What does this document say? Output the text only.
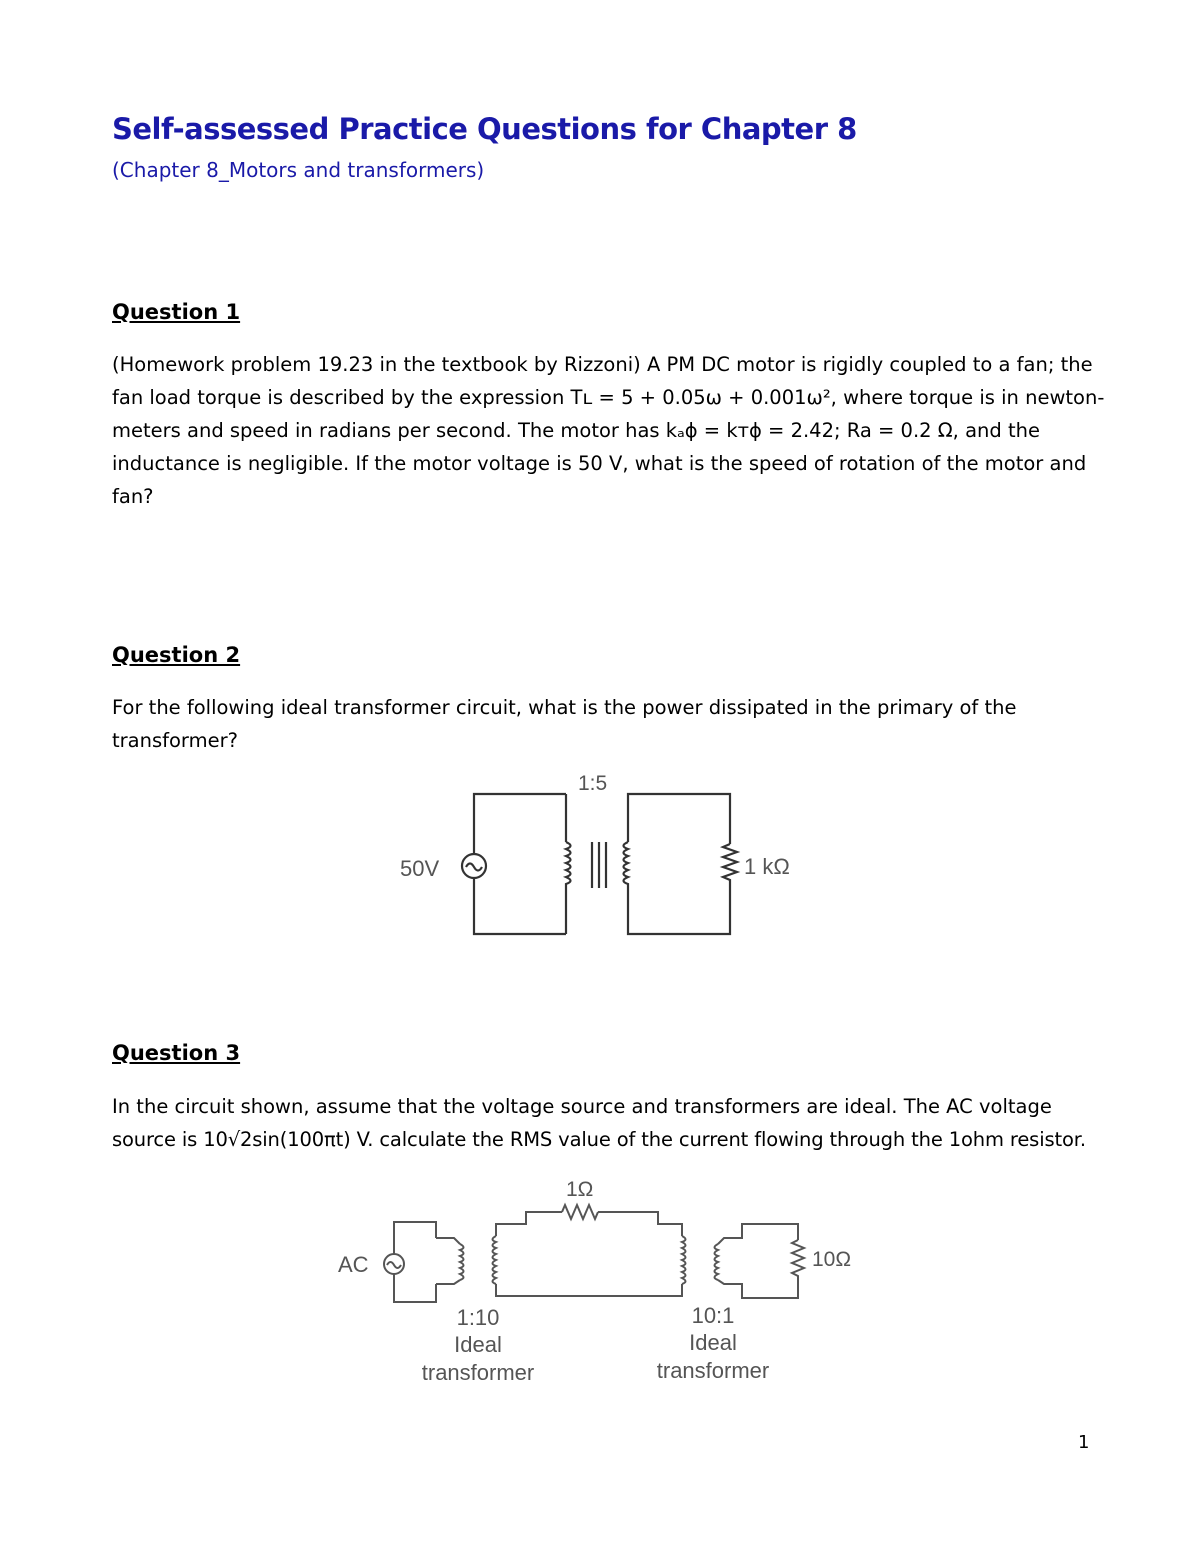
Self-assessed Practice Questions for Chapter 8
(Chapter 8_Motors and transformers)
Question 1
(Homework problem 19.23 in the textbook by Rizzoni) A PM DC motor is rigidly coupled to a fan; the
fan load torque is described by the expression Tʟ = 5 + 0.05ω + 0.001ω², where torque is in newton-
meters and speed in radians per second. The motor has kₐϕ = kᴛϕ = 2.42; Ra = 0.2 Ω, and the
inductance is negligible. If the motor voltage is 50 V, what is the speed of rotation of the motor and
fan?
Question 2
For the following ideal transformer circuit, what is the power dissipated in the primary of the
transformer?
1:5
50V	1 kΩ
Question 3
In the circuit shown, assume that the voltage source and transformers are ideal. The AC voltage
source is 10√2sin(100πt) V. calculate the RMS value of the current flowing through the 1ohm resistor.
1Ω
AC	10Ω
1:10
Ideal
transformer
10:1
Ideal
transformer
1
